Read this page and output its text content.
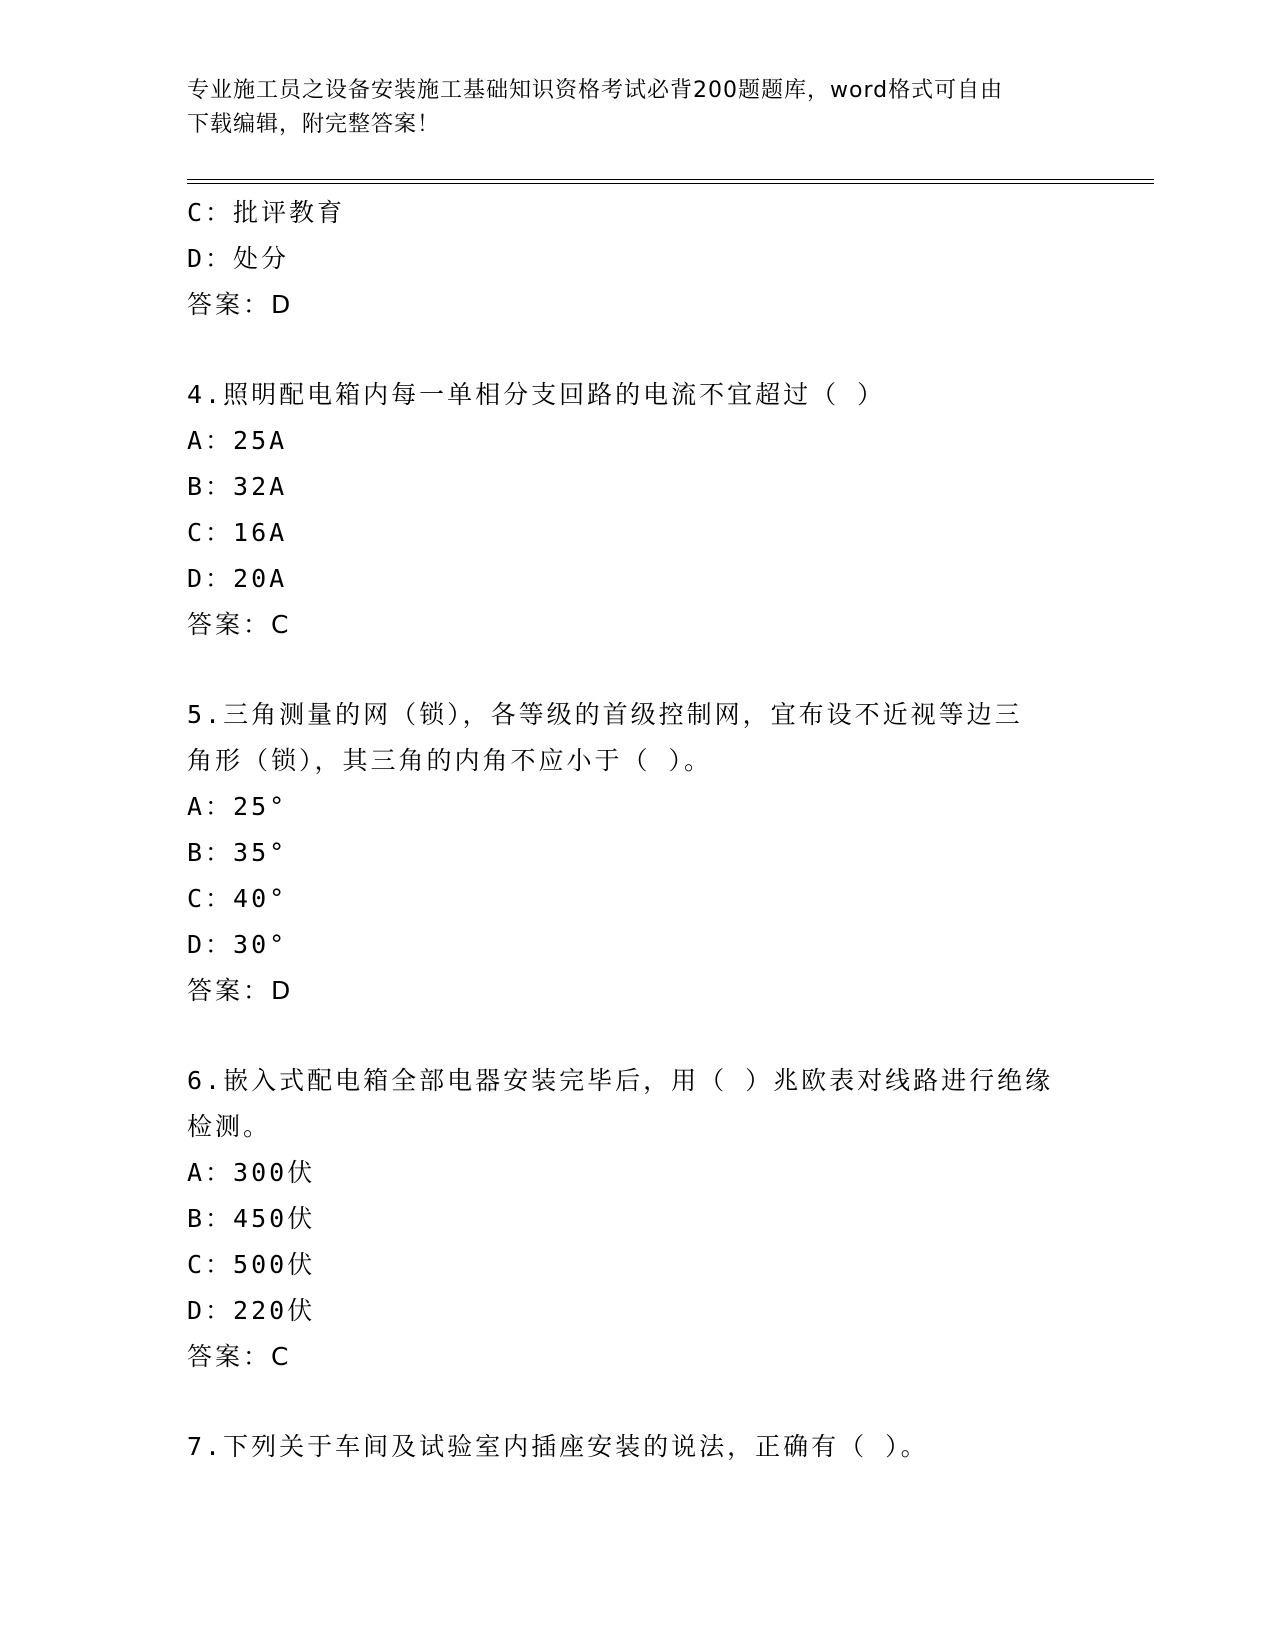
专业施工员之设备安装施工基础知识资格考试必背200题题库，word格式可自由
下载编辑，附完整答案！
C：批评教育
D：处分
答案：D
4.照明配电箱内每一单相分支回路的电流不宜超过（ ）
A：25A
B：32A
C：16A
D：20A
答案：C
5.三角测量的网（锁），各等级的首级控制网，宜布设不近视等边三
角形（锁），其三角的内角不应小于（ ）。
A：25°
B：35°
C：40°
D：30°
答案：D
6.嵌入式配电箱全部电器安装完毕后，用（ ）兆欧表对线路进行绝缘
检测。
A：300伏
B：450伏
C：500伏
D：220伏
答案：C
7.下列关于车间及试验室内插座安装的说法，正确有（ ）。
